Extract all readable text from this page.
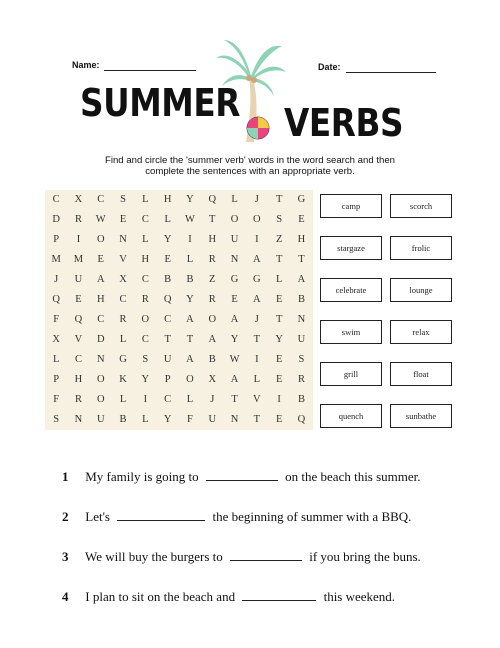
Name:	Date:
SUMMER VERBS
Find and circle the 'summer verb' words in the word search and then
complete the sentences with an appropriate verb.
C	X	C	S	L	H	Y	Q	L	J	T	G
D	R	W	E	C	L	W	T	O	O	S	E
P	I	O	N	L	Y	I	H	U	I	Z	H
M	M	E	V	H	E	L	R	N	A	T	T
J	U	A	X	C	B	B	Z	G	G	L	A
Q	E	H	C	R	Q	Y	R	E	A	E	B
F	Q	C	R	O	C	A	O	A	J	T	N
X	V	D	L	C	T	T	A	Y	T	Y	U
L	C	N	G	S	U	A	B	W	I	E	S
P	H	O	K	Y	P	O	X	A	L	E	R
F	R	O	L	I	C	L	J	T	V	I	B
S	N	U	B	L	Y	F	U	N	T	E	Q
camp	scorch
stargaze	frolic
celebrate	lounge
swim	relax
grill	float
quench	sunbathe
1 My family is going to	on the beach this summer.
2 Let's	the beginning of summer with a BBQ.
3 We will buy the burgers to	if you bring the buns.
4 I plan to sit on the beach and	this weekend.
